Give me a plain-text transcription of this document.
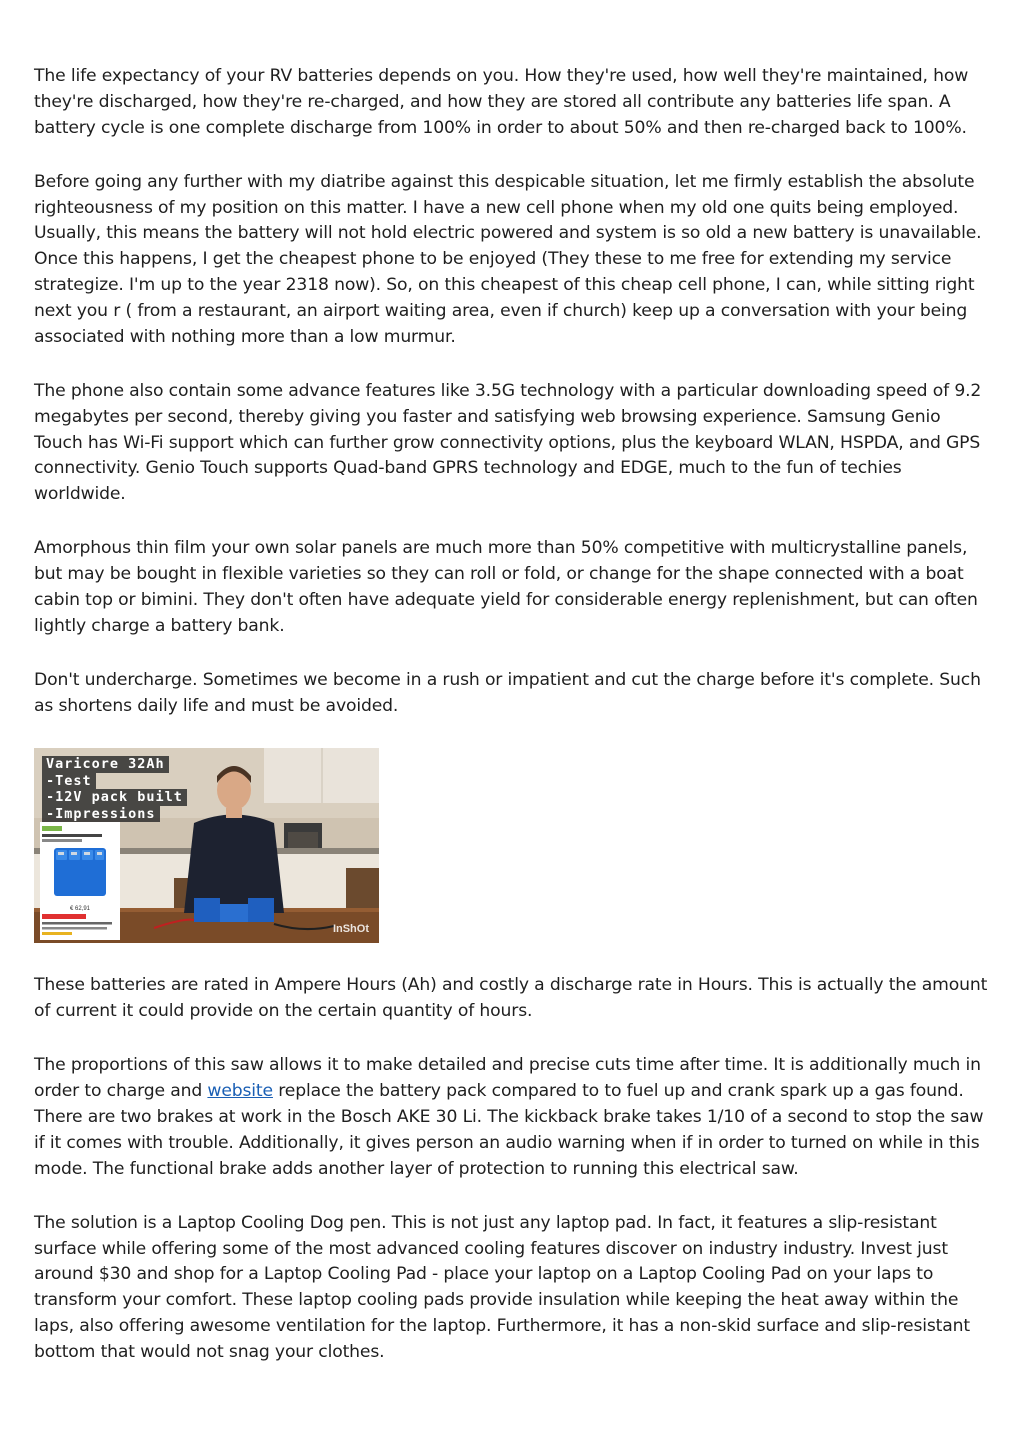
The life expectancy of your RV batteries depends on you. How they're used, how well they're maintained, how they're discharged, how they're re-charged, and how they are stored all contribute any batteries life span. A battery cycle is one complete discharge from 100% in order to about 50% and then re-charged back to 100%.

Before going any further with my diatribe against this despicable situation, let me firmly establish the absolute righteousness of my position on this matter. I have a new cell phone when my old one quits being employed. Usually, this means the battery will not hold electric powered and system is so old a new battery is unavailable. Once this happens, I get the cheapest phone to be enjoyed (They these to me free for extending my service strategize. I'm up to the year 2318 now). So, on this cheapest of this cheap cell phone, I can, while sitting right next you r ( from a restaurant, an airport waiting area, even if church) keep up a conversation with your being associated with nothing more than a low murmur.

The phone also contain some advance features like 3.5G technology with a particular downloading speed of 9.2 megabytes per second, thereby giving you faster and satisfying web browsing experience. Samsung Genio Touch has Wi-Fi support which can further grow connectivity options, plus the keyboard WLAN, HSPDA, and GPS connectivity. Genio Touch supports Quad-band GPRS technology and EDGE, much to the fun of techies worldwide.

Amorphous thin film your own solar panels are much more than 50% competitive with multicrystalline panels, but may be bought in flexible varieties so they can roll or fold, or change for the shape connected with a boat cabin top or bimini. They don't often have adequate yield for considerable energy replenishment, but can often lightly charge a battery bank.

Don't undercharge. Sometimes we become in a rush or impatient and cut the charge before it's complete. Such as shortens daily life and must be avoided.

Varicore 32Ah
-Test
-12V pack built
-Impressions
€ 62,91
InShOt

These batteries are rated in Ampere Hours (Ah) and costly a discharge rate in Hours. This is actually the amount of current it could provide on the certain quantity of hours.

The proportions of this saw allows it to make detailed and precise cuts time after time. It is additionally much in order to charge and website replace the battery pack compared to to fuel up and crank spark up a gas found. There are two brakes at work in the Bosch AKE 30 Li. The kickback brake takes 1/10 of a second to stop the saw if it comes with trouble. Additionally, it gives person an audio warning when if in order to turned on while in this mode. The functional brake adds another layer of protection to running this electrical saw.

The solution is a Laptop Cooling Dog pen. This is not just any laptop pad. In fact, it features a slip-resistant surface while offering some of the most advanced cooling features discover on industry industry. Invest just around $30 and shop for a Laptop Cooling Pad - place your laptop on a Laptop Cooling Pad on your laps to transform your comfort. These laptop cooling pads provide insulation while keeping the heat away within the laps, also offering awesome ventilation for the laptop. Furthermore, it has a non-skid surface and slip-resistant bottom that would not snag your clothes.
